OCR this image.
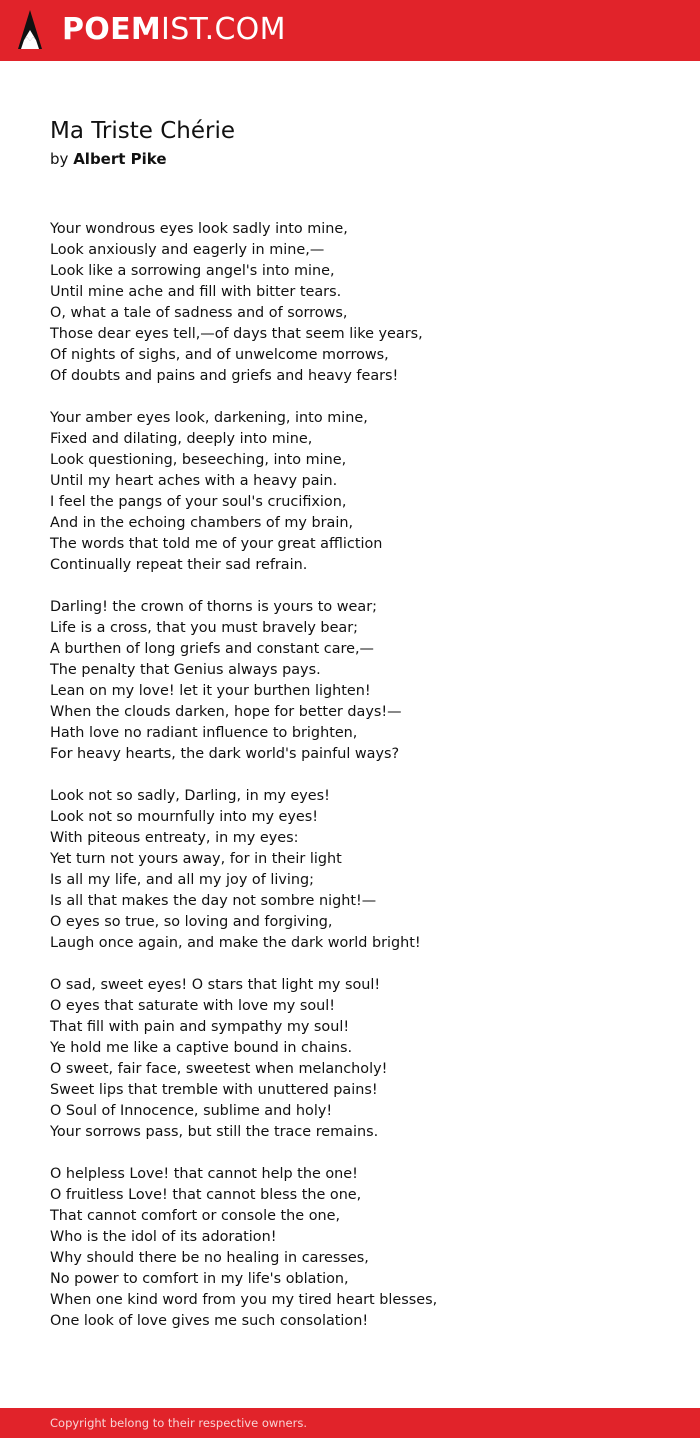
POEMIST.COM
Ma Triste Chérie
by Albert Pike
Your wondrous eyes look sadly into mine,
Look anxiously and eagerly in mine,—
Look like a sorrowing angel's into mine,
Until mine ache and fill with bitter tears.
O, what a tale of sadness and of sorrows,
Those dear eyes tell,—of days that seem like years,
Of nights of sighs, and of unwelcome morrows,
Of doubts and pains and griefs and heavy fears!
Your amber eyes look, darkening, into mine,
Fixed and dilating, deeply into mine,
Look questioning, beseeching, into mine,
Until my heart aches with a heavy pain.
I feel the pangs of your soul's crucifixion,
And in the echoing chambers of my brain,
The words that told me of your great affliction
Continually repeat their sad refrain.
Darling! the crown of thorns is yours to wear;
Life is a cross, that you must bravely bear;
A burthen of long griefs and constant care,—
The penalty that Genius always pays.
Lean on my love! let it your burthen lighten!
When the clouds darken, hope for better days!—
Hath love no radiant influence to brighten,
For heavy hearts, the dark world's painful ways?
Look not so sadly, Darling, in my eyes!
Look not so mournfully into my eyes!
With piteous entreaty, in my eyes:
Yet turn not yours away, for in their light
Is all my life, and all my joy of living;
Is all that makes the day not sombre night!—
O eyes so true, so loving and forgiving,
Laugh once again, and make the dark world bright!
O sad, sweet eyes! O stars that light my soul!
O eyes that saturate with love my soul!
That fill with pain and sympathy my soul!
Ye hold me like a captive bound in chains.
O sweet, fair face, sweetest when melancholy!
Sweet lips that tremble with unuttered pains!
O Soul of Innocence, sublime and holy!
Your sorrows pass, but still the trace remains.
O helpless Love! that cannot help the one!
O fruitless Love! that cannot bless the one,
That cannot comfort or console the one,
Who is the idol of its adoration!
Why should there be no healing in caresses,
No power to comfort in my life's oblation,
When one kind word from you my tired heart blesses,
One look of love gives me such consolation!
Copyright belong to their respective owners.
